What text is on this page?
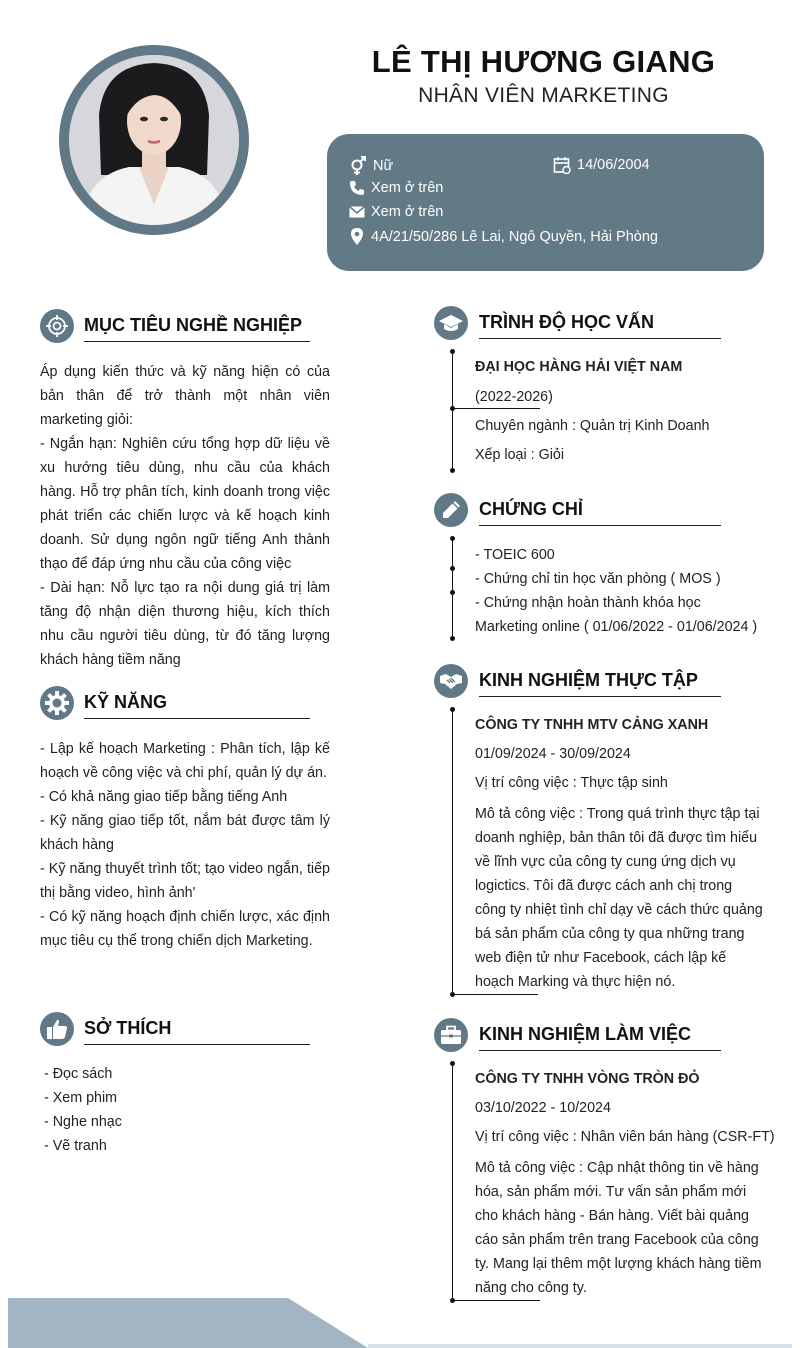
LÊ THỊ HƯƠNG GIANG
NHÂN VIÊN MARKETING
Nữ	14/06/2004
Xem ở trên
Xem ở trên
4A/21/50/286 Lê Lai, Ngô Quyền, Hải Phòng
MỤC TIÊU NGHỀ NGHIỆP

Áp dụng kiến thức và kỹ năng hiện có của bản thân để trở thành một nhân viên marketing giỏi:

- Ngắn hạn: Nghiên cứu tổng hợp dữ liệu về xu hướng tiêu dùng, nhu cầu của khách hàng. Hỗ trợ phân tích, kinh doanh trong việc phát triển các chiến lược và kế hoạch kinh doanh. Sử dụng ngôn ngữ tiếng Anh thành thạo để đáp ứng nhu cầu của công việc

- Dài hạn: Nỗ lực tạo ra nội dung giá trị làm tăng độ nhận diện thương hiệu, kích thích nhu cầu người tiêu dùng, từ đó tăng lượng khách hàng tiềm năng

KỸ NĂNG

- Lập kế hoạch Marketing : Phân tích, lập kế hoạch về công việc và chi phí, quản lý dự án.

- Có khả năng giao tiếp bằng tiếng Anh

- Kỹ năng giao tiếp tốt, nắm bát được tâm lý khách hàng

- Kỹ năng thuyết trình tốt; tạo video ngắn, tiếp thị bằng video, hình ảnh'

- Có kỹ năng hoạch định chiến lược, xác định mục tiêu cụ thể trong chiến dịch Marketing.

SỞ THÍCH
- Đọc sách
- Xem phim
- Nghe nhạc
- Vẽ tranh
TRÌNH ĐỘ HỌC VẤN
ĐẠI HỌC HÀNG HẢI VIỆT NAM
(2022-2026)
Chuyên ngành : Quản trị Kinh Doanh
Xếp loại : Giỏi
CHỨNG CHỈ
- TOEIC 600
- Chứng chỉ tin học văn phòng ( MOS )
- Chứng nhận hoàn thành khóa học Marketing online ( 01/06/2022 - 01/06/2024 )
KINH NGHIỆM THỰC TẬP
CÔNG TY TNHH MTV CẢNG XANH
01/09/2024 - 30/09/2024
Vị trí công việc : Thực tập sinh
Mô tả công việc : Trong quá trình thực tập tại doanh nghiệp, bản thân tôi đã được tìm hiểu về lĩnh vực của công ty cung ứng dịch vụ logictics. Tôi đã được cách anh chị trong công ty nhiệt tình chỉ dạy về cách thức quảng bá sản phẩm của công ty qua những trang web điện tử như Facebook, cách lập kế hoạch Marking và thực hiện nó.
KINH NGHIỆM LÀM VIỆC
CÔNG TY TNHH VÒNG TRÒN ĐỎ
03/10/2022 - 10/2024
Vị trí công việc : Nhân viên bán hàng (CSR-FT)
Mô tả công việc : Cập nhật thông tin về hàng hóa, sản phẩm mới. Tư vấn sản phẩm mới cho khách hàng - Bán hàng. Viết bài quảng cáo sản phẩm trên trang Facebook của công ty. Mang lại thêm một lượng khách hàng tiềm năng cho công ty.
